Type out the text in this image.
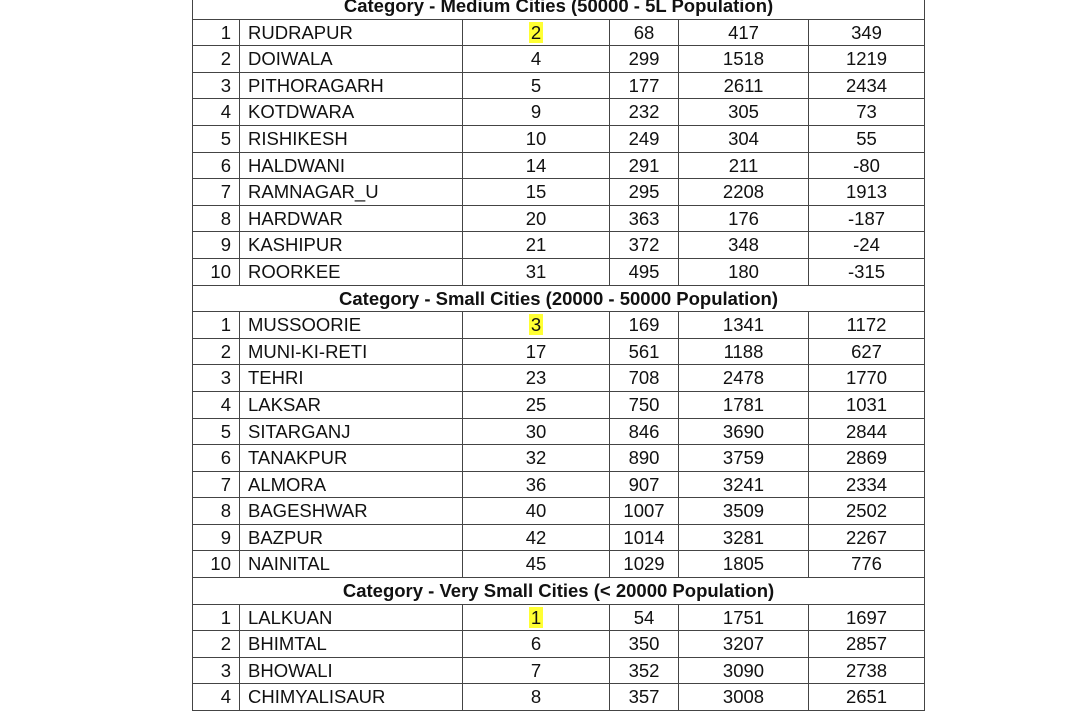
Category - Medium Cities (50000 - 5L Population)					
1	RUDRAPUR	2	68	417	349
2	DOIWALA	4	299	1518	1219
3	PITHORAGARH	5	177	2611	2434
4	KOTDWARA	9	232	305	73
5	RISHIKESH	10	249	304	55
6	HALDWANI	14	291	211	-80
7	RAMNAGAR_U	15	295	2208	1913
8	HARDWAR	20	363	176	-187
9	KASHIPUR	21	372	348	-24
10	ROORKEE	31	495	180	-315
Category - Small Cities (20000 - 50000 Population)					
1	MUSSOORIE	3	169	1341	1172
2	MUNI-KI-RETI	17	561	1188	627
3	TEHRI	23	708	2478	1770
4	LAKSAR	25	750	1781	1031
5	SITARGANJ	30	846	3690	2844
6	TANAKPUR	32	890	3759	2869
7	ALMORA	36	907	3241	2334
8	BAGESHWAR	40	1007	3509	2502
9	BAZPUR	42	1014	3281	2267
10	NAINITAL	45	1029	1805	776
Category - Very Small Cities (< 20000 Population)					
1	LALKUAN	1	54	1751	1697
2	BHIMTAL	6	350	3207	2857
3	BHOWALI	7	352	3090	2738
4	CHIMYALISAUR	8	357	3008	2651
